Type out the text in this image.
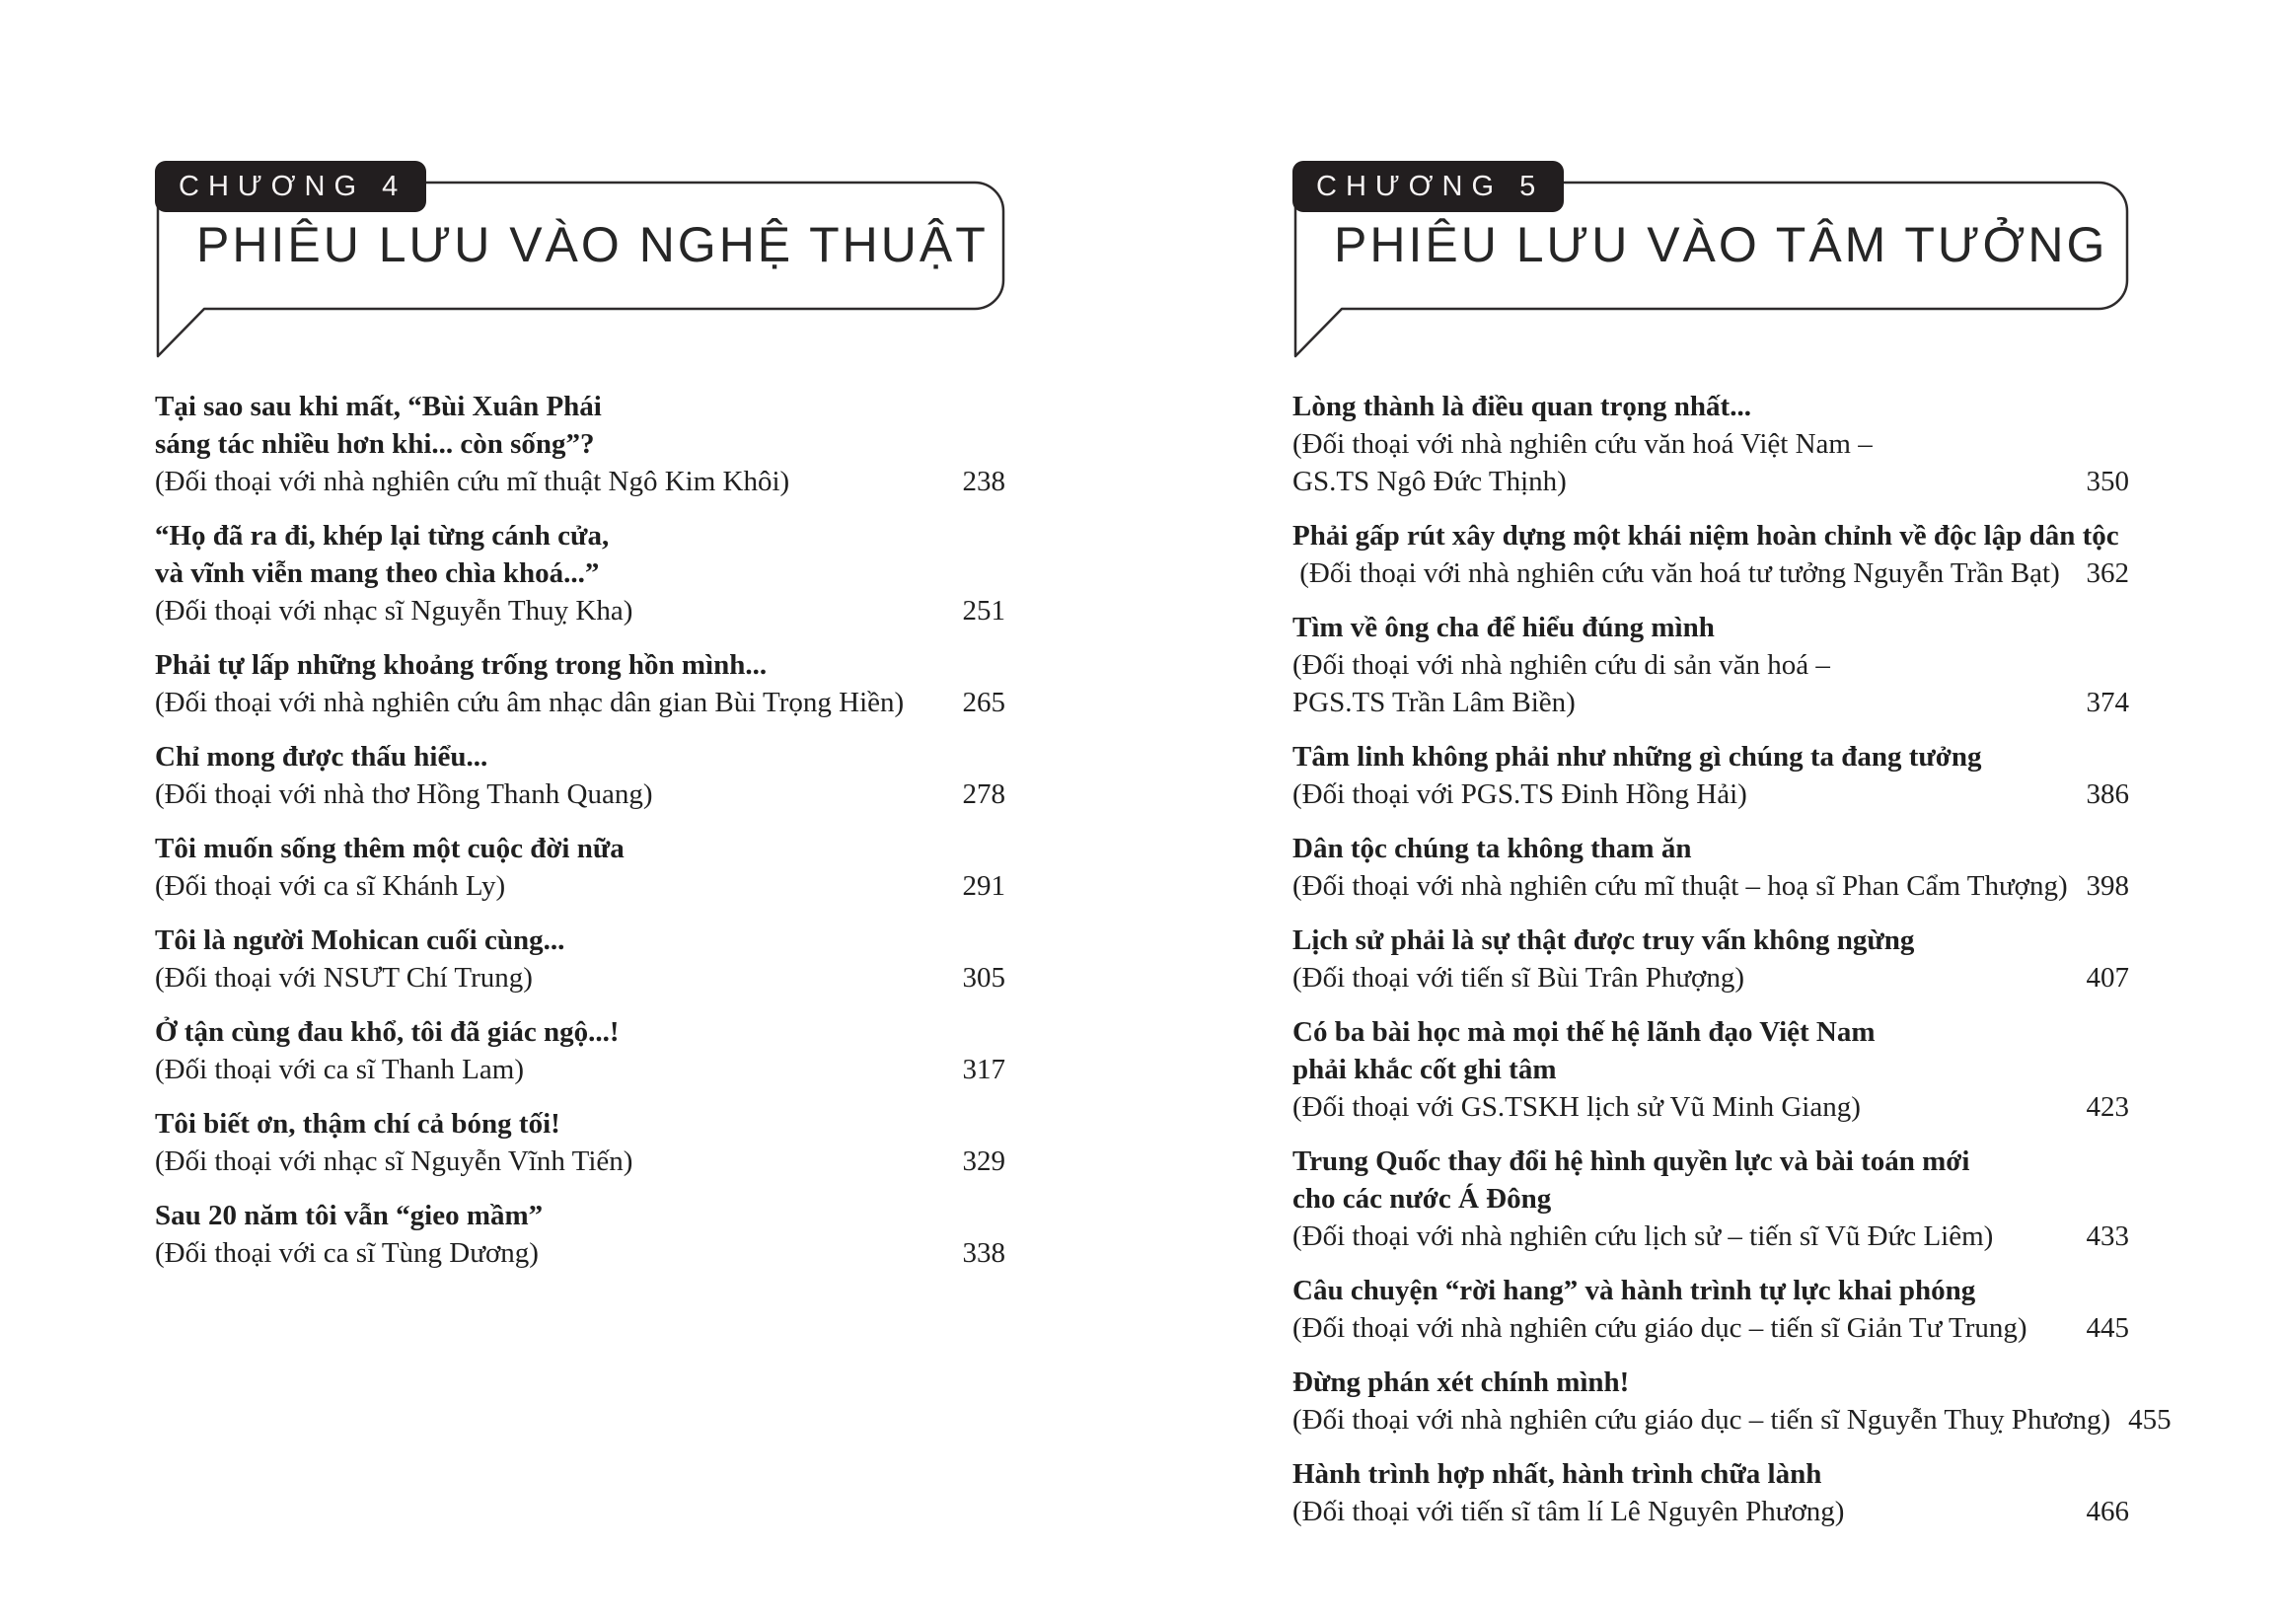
CHƯƠNG 4
PHIÊU LƯU VÀO NGHỆ THUẬT
Tại sao sau khi mất, “Bùi Xuân Phái
sáng tác nhiều hơn khi... còn sống”?
(Đối thoại với nhà nghiên cứu mĩ thuật Ngô Kim Khôi)	238
“Họ đã ra đi, khép lại từng cánh cửa,
và vĩnh viễn mang theo chìa khoá...”
(Đối thoại với nhạc sĩ Nguyễn Thuỵ Kha)	251
Phải tự lấp những khoảng trống trong hồn mình...
(Đối thoại với nhà nghiên cứu âm nhạc dân gian Bùi Trọng Hiền) 265
Chỉ mong được thấu hiểu...
(Đối thoại với nhà thơ Hồng Thanh Quang)	278
Tôi muốn sống thêm một cuộc đời nữa
(Đối thoại với ca sĩ Khánh Ly)	291
Tôi là người Mohican cuối cùng...
(Đối thoại với NSƯT Chí Trung)	305
Ở tận cùng đau khổ, tôi đã giác ngộ...!
(Đối thoại với ca sĩ Thanh Lam)	317
Tôi biết ơn, thậm chí cả bóng tối!
(Đối thoại với nhạc sĩ Nguyễn Vĩnh Tiến)	329
Sau 20 năm tôi vẫn “gieo mầm”
(Đối thoại với ca sĩ Tùng Dương)	338
CHƯƠNG 5
PHIÊU LƯU VÀO TÂM TƯỞNG
Lòng thành là điều quan trọng nhất...
(Đối thoại với nhà nghiên cứu văn hoá Việt Nam –
GS.TS Ngô Đức Thịnh)	350
Phải gấp rút xây dựng một khái niệm hoàn chỉnh về độc lập dân tộc
(Đối thoại với nhà nghiên cứu văn hoá tư tưởng Nguyễn Trần Bạt) 362
Tìm về ông cha để hiểu đúng mình
(Đối thoại với nhà nghiên cứu di sản văn hoá –
PGS.TS Trần Lâm Biền)	374
Tâm linh không phải như những gì chúng ta đang tưởng
(Đối thoại với PGS.TS Đinh Hồng Hải)	386
Dân tộc chúng ta không tham ăn
(Đối thoại với nhà nghiên cứu mĩ thuật – hoạ sĩ Phan Cẩm Thượng) 398
Lịch sử phải là sự thật được truy vấn không ngừng
(Đối thoại với tiến sĩ Bùi Trân Phượng)	407
Có ba bài học mà mọi thế hệ lãnh đạo Việt Nam
phải khắc cốt ghi tâm
(Đối thoại với GS.TSKH lịch sử Vũ Minh Giang)	423
Trung Quốc thay đổi hệ hình quyền lực và bài toán mới
cho các nước Á Đông
(Đối thoại với nhà nghiên cứu lịch sử – tiến sĩ Vũ Đức Liêm)	433
Câu chuyện “rời hang” và hành trình tự lực khai phóng
(Đối thoại với nhà nghiên cứu giáo dục – tiến sĩ Giản Tư Trung) 445
Đừng phán xét chính mình!
(Đối thoại với nhà nghiên cứu giáo dục – tiến sĩ Nguyễn Thuỵ Phương) 455
Hành trình hợp nhất, hành trình chữa lành
(Đối thoại với tiến sĩ tâm lí Lê Nguyên Phương)	466
